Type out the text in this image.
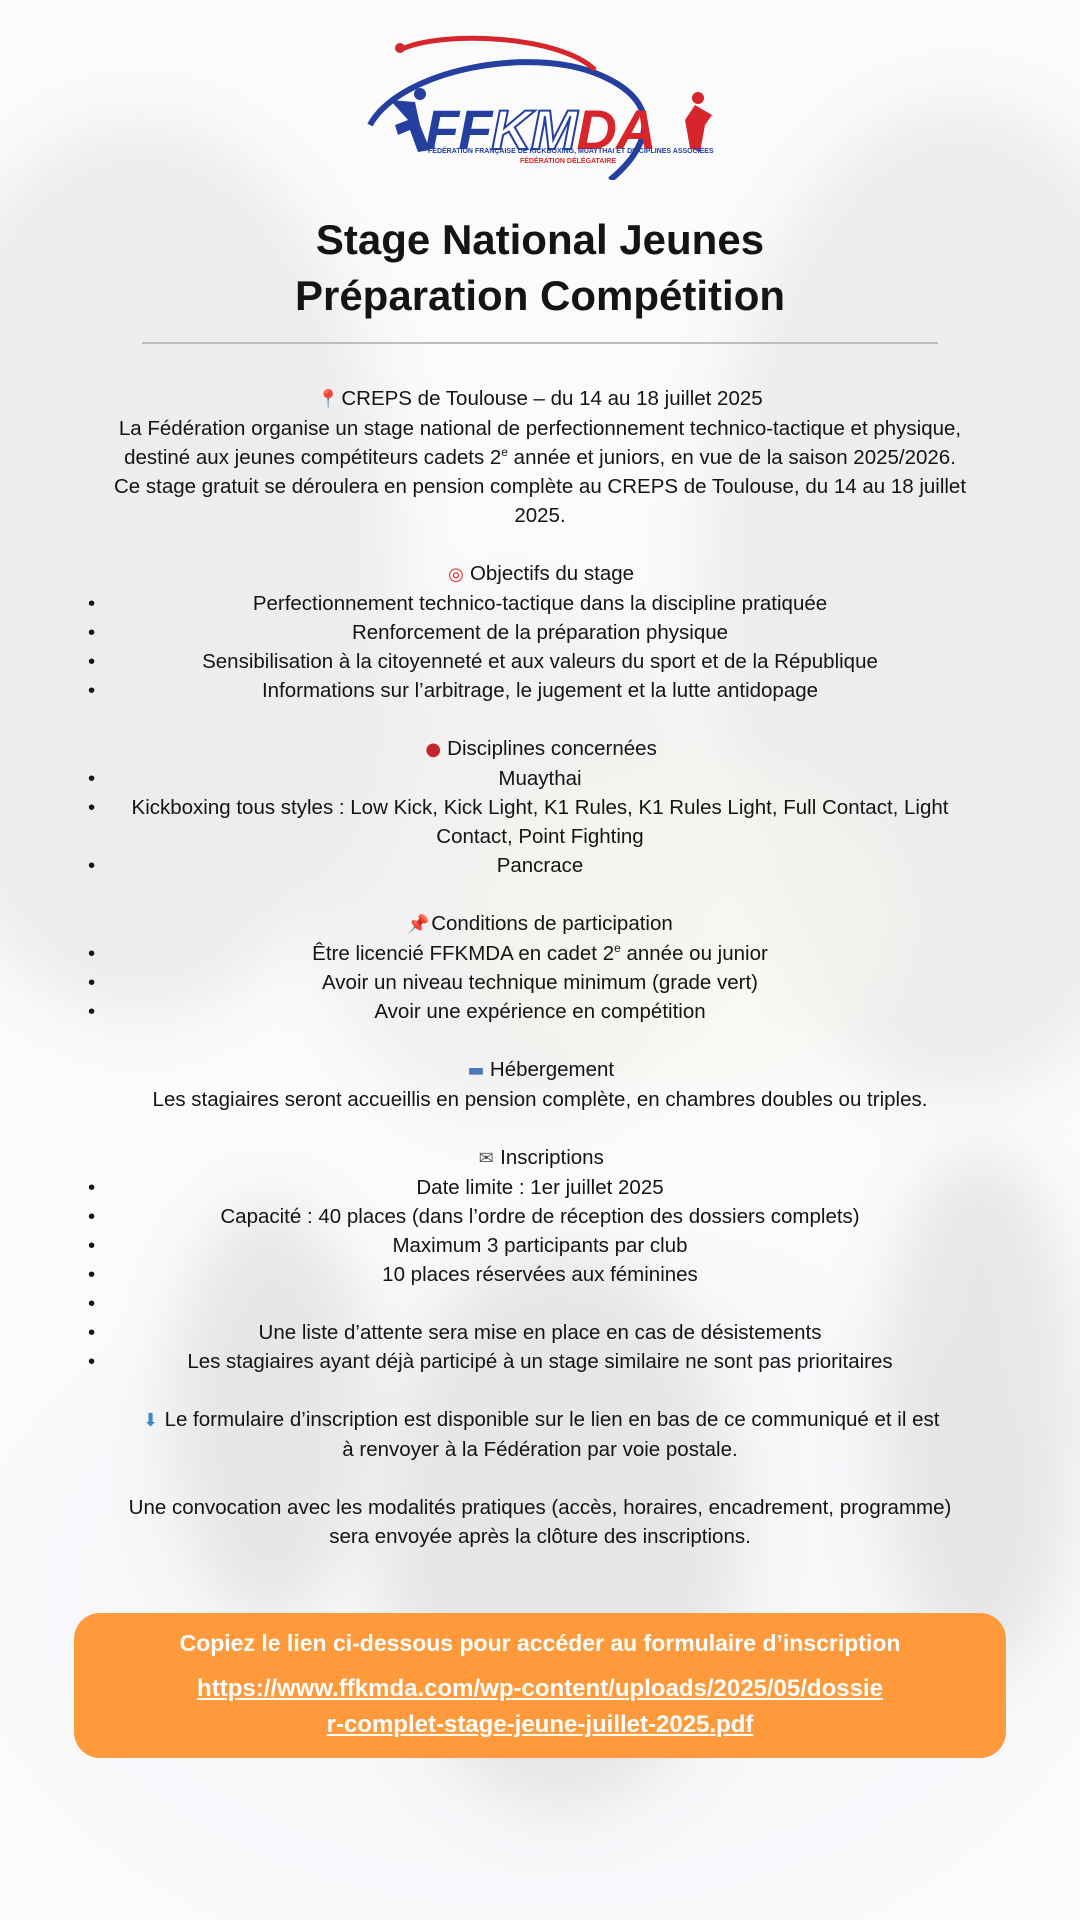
FFKMDA
FÉDÉRATION FRANÇAISE DE KICKBOXING, MUAYTHAI ET DISCIPLINES ASSOCIÉES
FÉDÉRATION DÉLÉGATAIRE
Stage National Jeunes
Préparation Compétition

📍CREPS de Toulouse – du 14 au 18 juillet 2025

La Fédération organise un stage national de perfectionnement technico-tactique et physique,
destiné aux jeunes compétiteurs cadets 2e année et juniors, en vue de la saison 2025/2026.
Ce stage gratuit se déroulera en pension complète au CREPS de Toulouse, du 14 au 18 juillet
2025.

◎ Objectifs du stage

• Perfectionnement technico-tactique dans la discipline pratiquée
• Renforcement de la préparation physique
• Sensibilisation à la citoyenneté et aux valeurs du sport et de la République
• Informations sur l’arbitrage, le jugement et la lutte antidopage

● Disciplines concernées

• Muaythai
• Kickboxing tous styles : Low Kick, Kick Light, K1 Rules, K1 Rules Light, Full Contact, Light
Contact, Point Fighting
• Pancrace

📌Conditions de participation

• Être licencié FFKMDA en cadet 2e année ou junior
• Avoir un niveau technique minimum (grade vert)
• Avoir une expérience en compétition

▬ Hébergement

Les stagiaires seront accueillis en pension complète, en chambres doubles ou triples.

✉ Inscriptions

• Date limite : 1er juillet 2025
• Capacité : 40 places (dans l’ordre de réception des dossiers complets)
• Maximum 3 participants par club
• 10 places réservées aux féminines
•
• Une liste d’attente sera mise en place en cas de désistements
• Les stagiaires ayant déjà participé à un stage similaire ne sont pas prioritaires

⬇ Le formulaire d’inscription est disponible sur le lien en bas de ce communiqué et il est
à renvoyer à la Fédération par voie postale.

Une convocation avec les modalités pratiques (accès, horaires, encadrement, programme)
sera envoyée après la clôture des inscriptions.

Copiez le lien ci-dessous pour accéder au formulaire d’inscription
https://www.ffkmda.com/wp-content/uploads/2025/05/dossier-complet-stage-jeune-juillet-2025.pdf
